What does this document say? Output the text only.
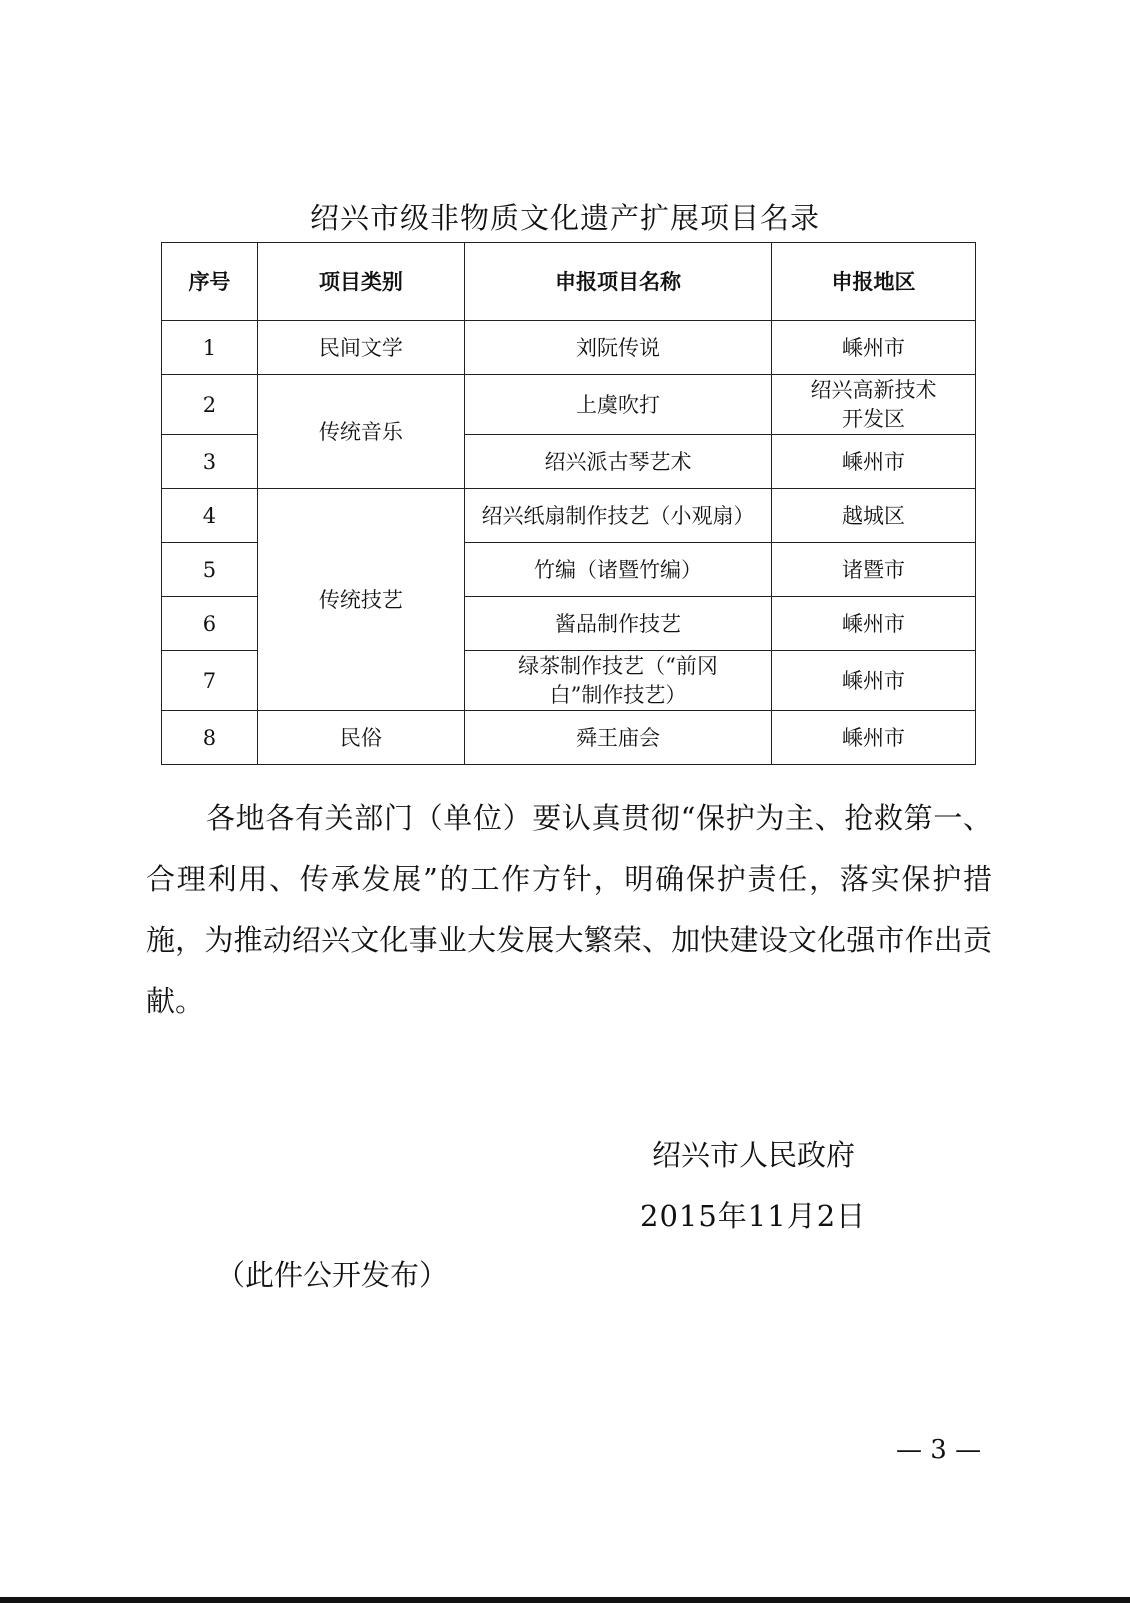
绍兴市级非物质文化遗产扩展项目名录
序号	项目类别	申报项目名称	申报地区
1	民间文学	刘阮传说	嵊州市
2	传统音乐	上虞吹打	绍兴高新技术开发区

3		绍兴派古琴艺术	嵊州市
4	传统技艺	绍兴纸扇制作技艺（小观扇）	越城区
5		竹编（诸暨竹编）	诸暨市
6		酱品制作技艺	嵊州市
7		绿茶制作技艺（“前冈　白”制作技艺）	嵊州市
8	民俗	舜王庙会	嵊州市
各地各有关部门（单位）要认真贯彻“保护为主、抢救第一、合理利用、传承发展”的工作方针，明确保护责任，落实保护措施，为推动绍兴文化事业大发展大繁荣、加快建设文化强市作出贡献。
绍兴市人民政府
2015年11月2日
（此件公开发布）
— 3 —
